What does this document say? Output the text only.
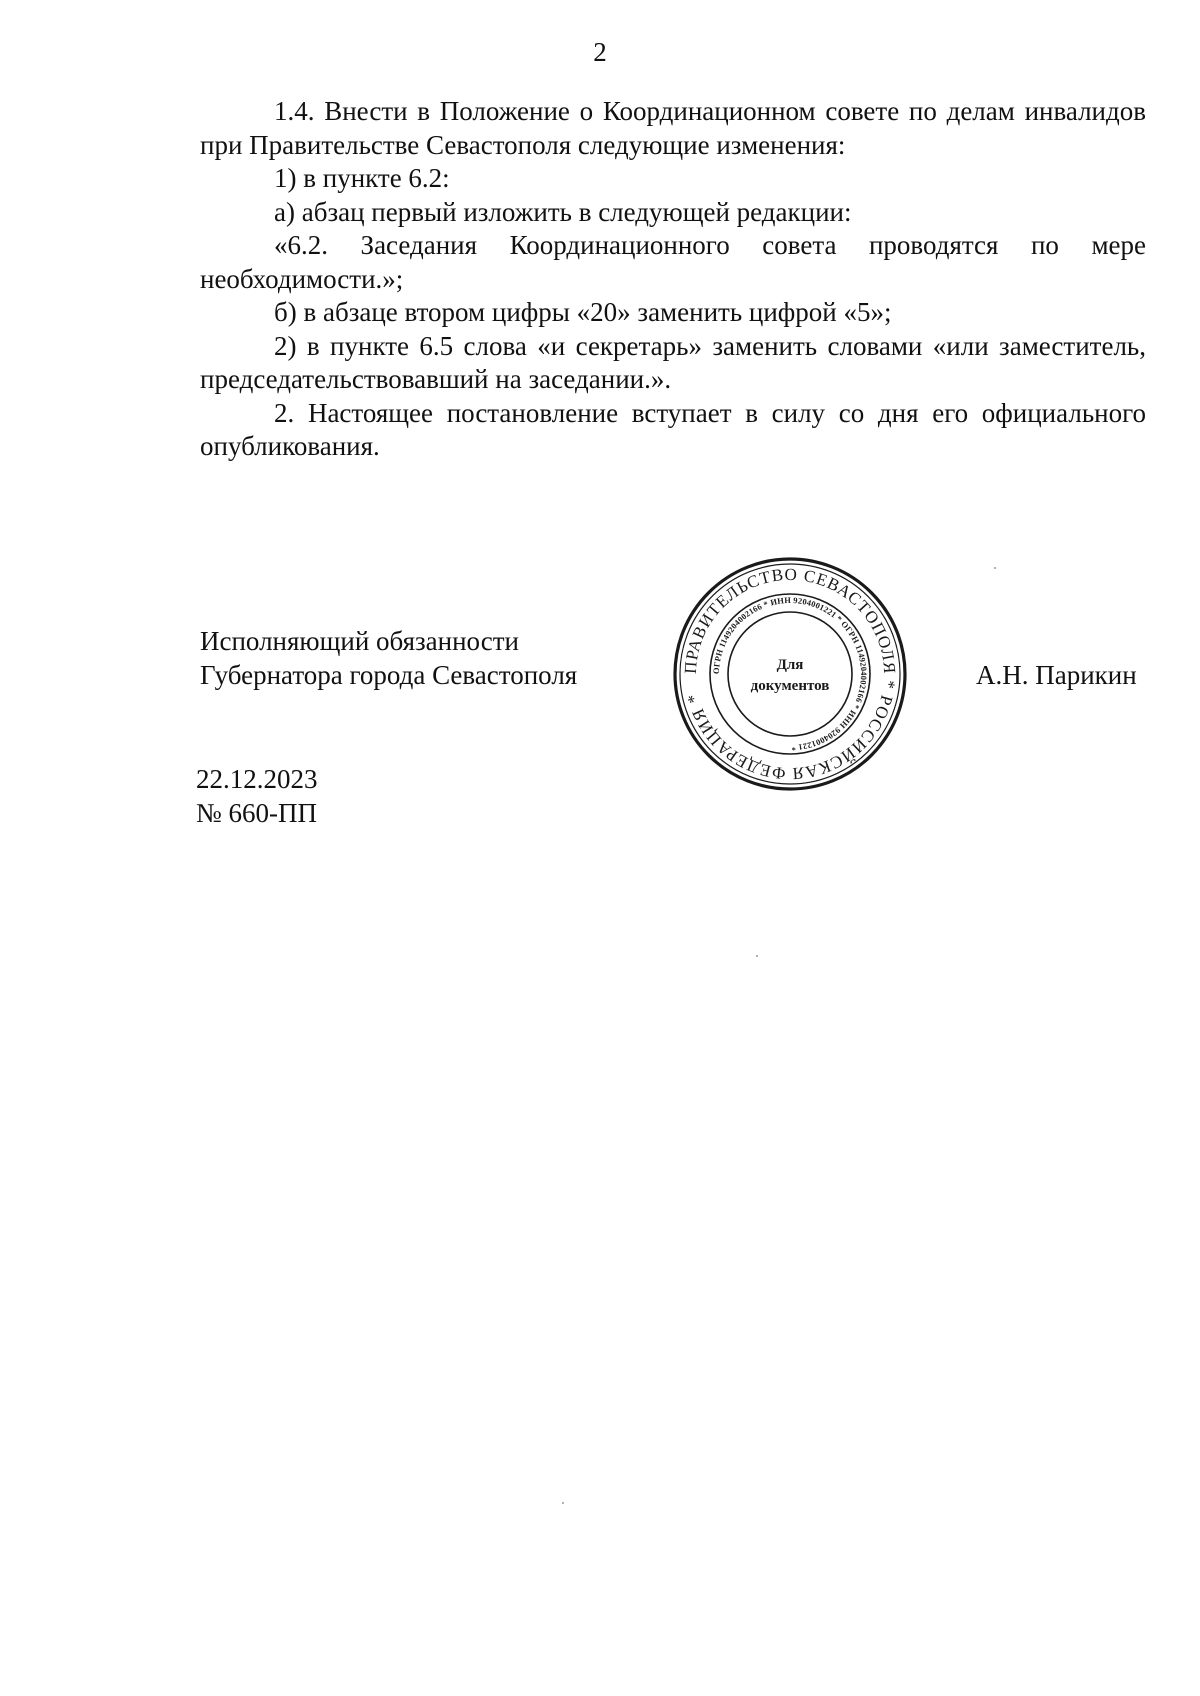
2

1.4. Внести в Положение о Координационном совете по делам инвалидов при Правительстве Севастополя следующие изменения:

1) в пункте 6.2:

а) абзац первый изложить в следующей редакции:

«6.2. Заседания Координационного совета проводятся по мере необходимости.»;

б) в абзаце втором цифры «20» заменить цифрой «5»;

2) в пункте 6.5 слова «и секретарь» заменить словами «или заместитель, председательствовавший на заседании.».

2. Настоящее постановление вступает в силу со дня его официального опубликования.

Исполняющий обязанности
Губернатора города Севастополя	ПРАВИТЕЛЬСТВО СЕВАСТОПОЛЯ * РОССИЙСКАЯ ФЕДЕРАЦИЯ *
ОГРН 1149204002166 * ИНН 9204001221 * ОГРН 1149204002166 * ИНН 9204001221 *
Для
документов	А.Н. Парикин
22.12.2023
№ 660-ПП
